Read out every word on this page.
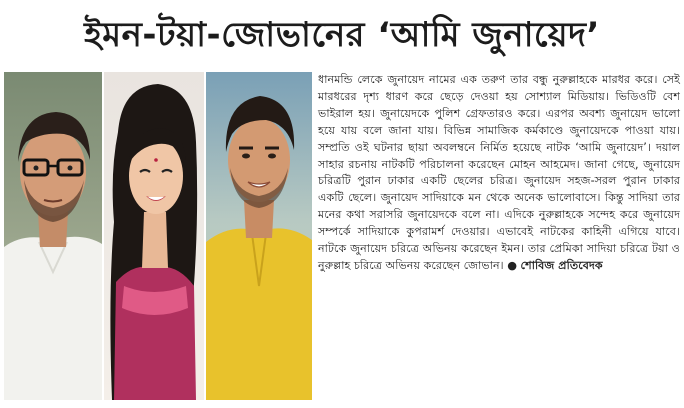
ইমন-টয়া-জোভানের ‘আমি জুনায়েদ’

ধানমন্ডি লেকে জুনায়েদ নামের এক তরুণ তার বন্ধু নুরুল্লাহকে মারধর করে। সেই মারধরের দৃশ্য ধারণ করে ছেড়ে দেওয়া হয় সোশ্যাল মিডিয়ায়। ভিডিওটি বেশ ভাইরাল হয়। জুনায়েদকে পুলিশ গ্রেফতারও করে। এরপর অবশ্য জুনায়েদ ভালো হয়ে যায় বলে জানা যায়। বিভিন্ন সামাজিক কর্মকাণ্ডে জুনায়েদকে পাওয়া যায়। সম্প্রতি ওই ঘটনার ছায়া অবলম্বনে নির্মিত হয়েছে নাটক ‘আমি জুনায়েদ’। দয়াল সাহার রচনায় নাটকটি পরিচালনা করেছেন মোহন আহমেদ। জানা গেছে, জুনায়েদ চরিত্রটি পুরান ঢাকার একটি ছেলের চরিত্র। জুনায়েদ সহজ-সরল পুরান ঢাকার একটি ছেলে। জুনায়েদ সাদিয়াকে মন থেকে অনেক ভালোবাসে। কিন্তু সাদিয়া তার মনের কথা সরাসরি জুনায়েদকে বলে না। এদিকে নুরুল্লাহকে সন্দেহ করে জুনায়েদ সম্পর্কে সাদিয়াকে কুপরামর্শ দেওয়ার। এভাবেই নাটকের কাহিনী এগিয়ে যাবে। নাটকে জুনায়েদ চরিত্রে অভিনয় করেছেন ইমন। তার প্রেমিকা সাদিয়া চরিত্রে টয়া ও নুরুল্লাহ চরিত্রে অভিনয় করেছেন জোভান। ● শোবিজ প্রতিবেদক
